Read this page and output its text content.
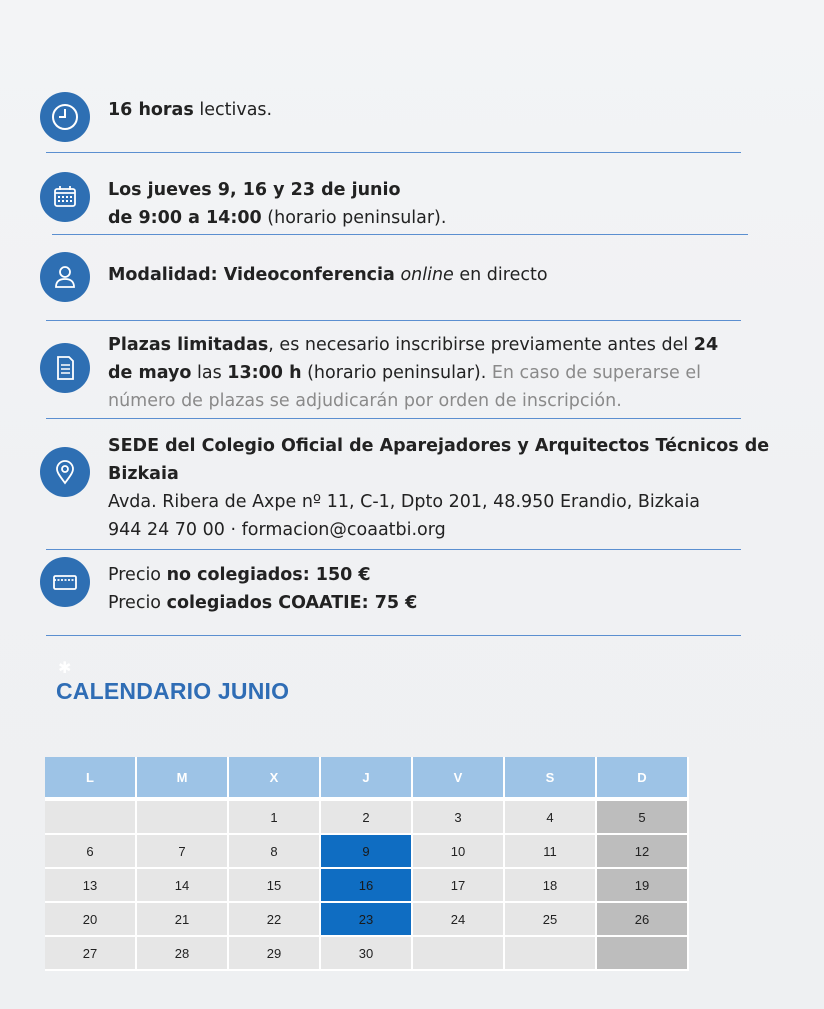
16 horas lectivas.
Los jueves 9, 16 y 23 de junio
de 9:00 a 14:00 (horario peninsular).
Modalidad: Videoconferencia online en directo
Plazas limitadas, es necesario inscribirse previamente antes del 24
de mayo las 13:00 h (horario peninsular). En caso de superarse el
número de plazas se adjudicarán por orden de inscripción.
SEDE del Colegio Oficial de Aparejadores y Arquitectos Técnicos de
Bizkaia
Avda. Ribera de Axpe nº 11, C-1, Dpto 201, 48.950 Erandio, Bizkaia
944 24 70 00 · formacion@coaatbi.org
Precio no colegiados: 150 €
Precio colegiados COAATIE: 75 €
✱
CALENDARIO JUNIO
L	M	X	J	V	S	D
		1	2	3	4	5
6	7	8	9	10	11	12
13	14	15	16	17	18	19
20	21	22	23	24	25	26
27	28	29	30			
